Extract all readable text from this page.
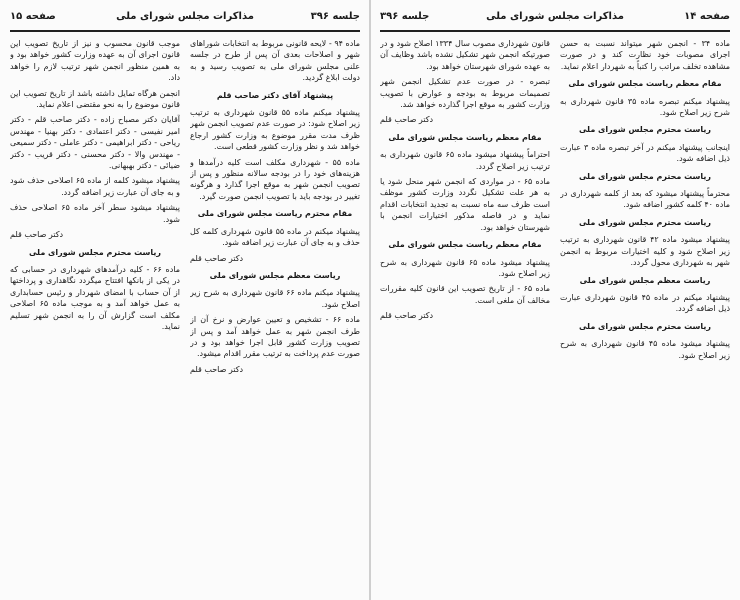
صفحه ۱۵	مذاکرات مجلس شورای ملی	جلسه ۳۹۶

ماده ۹۴ - لایحه قانونی مربوط به انتخابات شوراهای شهر و اصلاحات بعدی آن پس از طرح در جلسه علنی مجلس شورای ملی به تصویب رسید و به دولت ابلاغ گردید.

پیشنهاد آقای دکتر صاحب قلم

پیشنهاد میکنم ماده ۵۵ قانون شهرداری به ترتیب زیر اصلاح شود: در صورت عدم تصویب انجمن شهر ظرف مدت مقرر موضوع به وزارت کشور ارجاع خواهد شد و نظر وزارت کشور قطعی است.

ماده ۵۵ - شهرداری مکلف است کلیه درآمدها و هزینه‌های خود را در بودجه سالانه منظور و پس از تصویب انجمن شهر به موقع اجرا گذارد و هرگونه تغییر در بودجه باید با تصویب انجمن صورت گیرد.

مقام محترم ریاست مجلس شورای ملی

پیشنهاد میکنم در ماده ۵۵ قانون شهرداری کلمه کل حذف و به جای آن عبارت زیر اضافه شود.

دکتر صاحب قلم

ریاست معظم مجلس شورای ملی

پیشنهاد میکنم ماده ۶۶ قانون شهرداری به شرح زیر اصلاح شود.

ماده ۶۶ - تشخیص و تعیین عوارض و نرخ آن از طرف انجمن شهر به عمل خواهد آمد و پس از تصویب وزارت کشور قابل اجرا خواهد بود و در صورت عدم پرداخت به ترتیب مقرر اقدام میشود.

دکتر صاحب قلم

موجب قانون محسوب و نیز از تاریخ تصویب این قانون اجرای آن به عهده وزارت کشور خواهد بود و به همین منظور انجمن شهر ترتیب لازم را خواهد داد.

انجمن هرگاه تمایل داشته باشد از تاریخ تصویب این قانون موضوع را به نحو مقتضی اعلام نماید.

آقایان دکتر مصباح زاده - دکتر صاحب قلم - دکتر امیر نفیسی - دکتر اعتمادی - دکتر بهنیا - مهندس ریاحی - دکتر ابراهیمی - دکتر عاملی - دکتر سمیعی - مهندس والا - دکتر محسنی - دکتر قریب - دکتر ضیائی - دکتر بهبهانی.

پیشنهاد میشود کلمه از ماده ۶۵ اصلاحی حذف شود و به جای آن عبارت زیر اضافه گردد.

پیشنهاد میشود سطر آخر ماده ۶۵ اصلاحی حذف شود.

دکتر صاحب قلم

ریاست محترم مجلس شورای ملی

ماده ۶۶ - کلیه درآمدهای شهرداری در حسابی که در یکی از بانکها افتتاح میگردد نگاهداری و پرداختها از آن حساب با امضای شهردار و رئیس حسابداری به عمل خواهد آمد و به موجب ماده ۶۵ اصلاحی مکلف است گزارش آن را به انجمن شهر تسلیم نماید.

صفحه ۱۴
مذاکرات مجلس شورای ملی
جلسه ۳۹۶

ماده ۳۴ - انجمن شهر میتواند نسبت به حسن اجرای مصوبات خود نظارت کند و در صورت مشاهده تخلف مراتب را کتباً به شهردار اعلام نماید.

مقام معظم ریاست مجلس شورای ملی

پیشنهاد میکنم تبصره ماده ۳۵ قانون شهرداری به شرح زیر اصلاح شود.

ریاست محترم مجلس شورای ملی

اینجانب پیشنهاد میکنم در آخر تبصره ماده ۳ عبارت ذیل اضافه شود.

ریاست محترم مجلس شورای ملی

محترماً پیشنهاد میشود که بعد از کلمه شهرداری در ماده ۴۰ کلمه کشور اضافه شود.

ریاست محترم مجلس شورای ملی

پیشنهاد میشود ماده ۴۲ قانون شهرداری به ترتیب زیر اصلاح شود و کلیه اختیارات مربوط به انجمن شهر به شهرداری محول گردد.

ریاست معظم مجلس شورای ملی

پیشنهاد میکنم در ماده ۴۵ قانون شهرداری عبارت ذیل اضافه گردد.

ریاست محترم مجلس شورای ملی

پیشنهاد میشود ماده ۴۵ قانون شهرداری به شرح زیر اصلاح شود.

قانون شهرداری مصوب سال ۱۳۳۴ اصلاح شود و در صورتیکه انجمن شهر تشکیل نشده باشد وظایف آن به عهده شورای شهرستان خواهد بود.

تبصره - در صورت عدم تشکیل انجمن شهر تصمیمات مربوط به بودجه و عوارض با تصویب وزارت کشور به موقع اجرا گذارده خواهد شد.

دکتر صاحب قلم

مقام معظم ریاست مجلس شورای ملی

احتراماً پیشنهاد میشود ماده ۶۵ قانون شهرداری به ترتیب زیر اصلاح گردد.

ماده ۶۵ - در مواردی که انجمن شهر منحل شود یا به هر علت تشکیل نگردد وزارت کشور موظف است ظرف سه ماه نسبت به تجدید انتخابات اقدام نماید و در فاصله مذکور اختیارات انجمن با شهرستان خواهد بود.

مقام معظم ریاست مجلس شورای ملی

پیشنهاد میشود ماده ۶۵ قانون شهرداری به شرح زیر اصلاح شود.

ماده ۶۵ - از تاریخ تصویب این قانون کلیه مقررات مخالف آن ملغی است.

دکتر صاحب قلم
